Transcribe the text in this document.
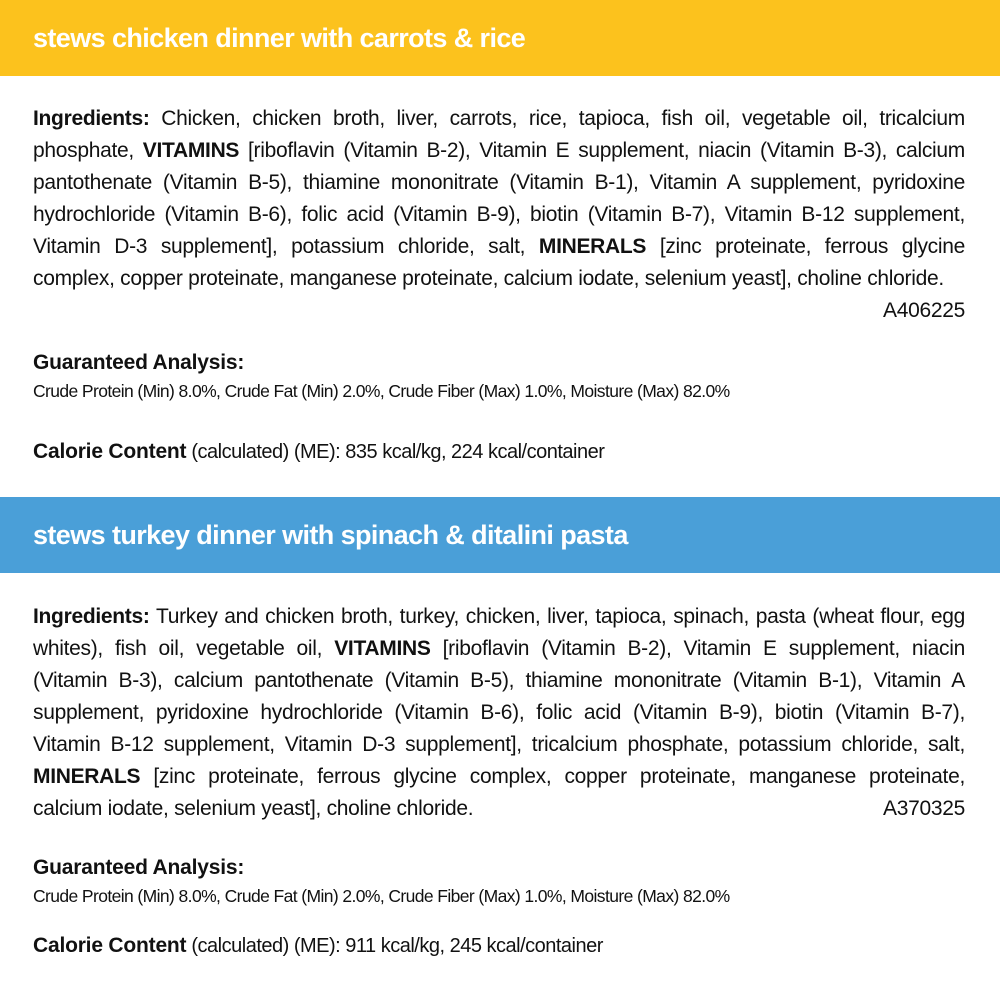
stews chicken dinner with carrots & rice

Ingredients: Chicken, chicken broth, liver, carrots, rice, tapioca, fish oil, vegetable oil, tricalcium phosphate, VITAMINS [riboflavin (Vitamin B-2), Vitamin E supplement, niacin (Vitamin B-3), calcium pantothenate (Vitamin B-5), thiamine mononitrate (Vitamin B-1), Vitamin A supplement, pyridoxine hydrochloride (Vitamin B-6), folic acid (Vitamin B-9), biotin (Vitamin B-7), Vitamin B-12 supplement, Vitamin D-3 supplement], potassium chloride, salt, MINERALS [zinc proteinate, ferrous glycine complex, copper proteinate, manganese proteinate, calcium iodate, selenium yeast], choline chloride.
A406225

Guaranteed Analysis:

Crude Protein (Min) 8.0%, Crude Fat (Min) 2.0%, Crude Fiber (Max) 1.0%, Moisture (Max) 82.0%

Calorie Content (calculated) (ME): 835 kcal/kg, 224 kcal/container

stews turkey dinner with spinach & ditalini pasta

Ingredients: Turkey and chicken broth, turkey, chicken, liver, tapioca, spinach, pasta (wheat flour, egg whites), fish oil, vegetable oil, VITAMINS [riboflavin (Vitamin B-2), Vitamin E supplement, niacin (Vitamin B-3), calcium pantothenate (Vitamin B-5), thiamine mononitrate (Vitamin B-1), Vitamin A supplement, pyridoxine hydrochloride (Vitamin B-6), folic acid (Vitamin B-9), biotin (Vitamin B-7), Vitamin B-12 supplement, Vitamin D-3 supplement], tricalcium phosphate, potassium chloride, salt, MINERALS [zinc proteinate, ferrous glycine complex, copper proteinate, manganese proteinate, calcium iodate, selenium yeast], choline chloride.	A370325

Guaranteed Analysis:

Crude Protein (Min) 8.0%, Crude Fat (Min) 2.0%, Crude Fiber (Max) 1.0%, Moisture (Max) 82.0%

Calorie Content (calculated) (ME): 911 kcal/kg, 245 kcal/container
